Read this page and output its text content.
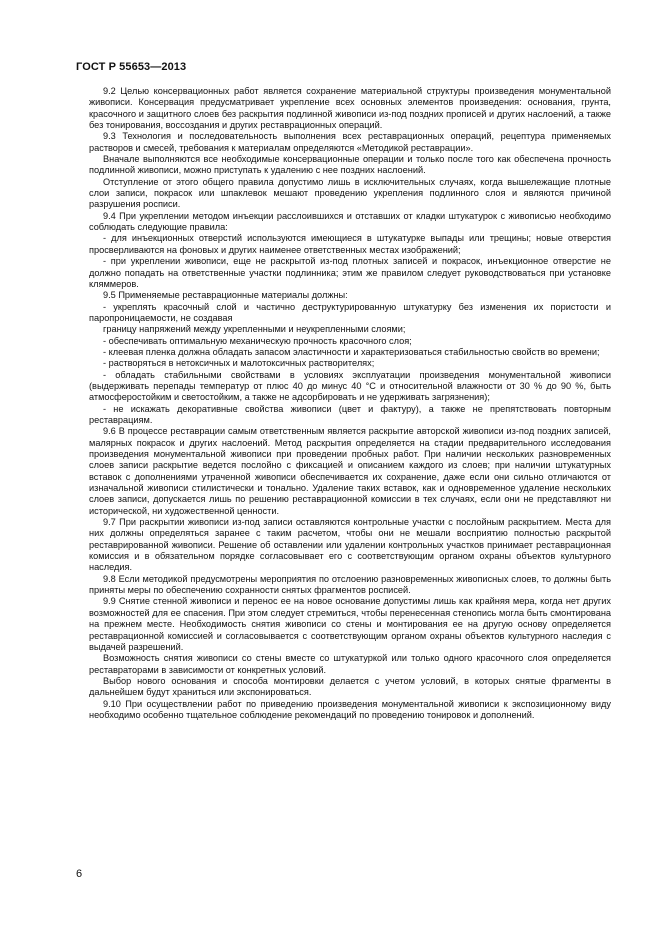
ГОСТ Р 55653—2013

9.2 Целью консервационных работ является сохранение материальной структуры произведения монументальной живописи. Консервация предусматривает укрепление всех основных элементов произведения: основания, грунта, красочного и защитного слоев без раскрытия подлинной живописи из-под поздних прописей и других наслоений, а также без тонирования, воссоздания и других реставрационных операций.

9.3 Технология и последовательность выполнения всех реставрационных операций, рецептура применяемых растворов и смесей, требования к материалам определяются «Методикой реставрации».

Вначале выполняются все необходимые консервационные операции и только после того как обеспечена прочность подлинной живописи, можно приступать к удалению с нее поздних наслоений.

Отступление от этого общего правила допустимо лишь в исключительных случаях, когда вышележащие плотные слои записи, покрасок или шпаклевок мешают проведению укрепления подлинного слоя и являются причиной разрушения росписи.

9.4 При укреплении методом инъекции расслоившихся и отставших от кладки штукатурок с живописью необходимо соблюдать следующие правила:

- для инъекционных отверстий используются имеющиеся в штукатурке выпады или трещины; новые отверстия просверливаются на фоновых и других наименее ответственных местах изображений;

- при укреплении живописи, еще не раскрытой из-под плотных записей и покрасок, инъекционное отверстие не должно попадать на ответственные участки подлинника; этим же правилом следует руководствоваться при установке кляммеров.

9.5 Применяемые реставрационные материалы должны:

- укреплять красочный слой и частично деструктурированную штукатурку без изменения их пористости и паропроницаемости, не создавая

границу напряжений между укрепленными и неукрепленными слоями;

- обеспечивать оптимальную механическую прочность красочного слоя;

- клеевая пленка должна обладать запасом эластичности и характеризоваться стабильностью свойств во времени;

- растворяться в нетоксичных и малотоксичных растворителях;

- обладать стабильными свойствами в условиях эксплуатации произведения монументальной живописи (выдерживать перепады температур от плюс 40 до минус 40 °С и относительной влажности от 30 % до 90 %, быть атмосферостойким и светостойким, а также не адсорбировать и не удерживать загрязнения);

- не искажать декоративные свойства живописи (цвет и фактуру), а также не препятствовать повторным реставрациям.

9.6 В процессе реставрации самым ответственным является раскрытие авторской живописи из-под поздних записей, малярных покрасок и других наслоений. Метод раскрытия определяется на стадии предварительного исследования произведения монументальной живописи при проведении пробных работ. При наличии нескольких разновременных слоев записи раскрытие ведется послойно с фиксацией и описанием каждого из слоев; при наличии штукатурных вставок с дополнениями утраченной живописи обеспечивается их сохранение, даже если они сильно отличаются от изначальной живописи стилистически и тонально. Удаление таких вставок, как и одновременное удаление нескольких слоев записи, допускается лишь по решению реставрационной комиссии в тех случаях, если они не представляют ни исторической, ни художественной ценности.

9.7 При раскрытии живописи из-под записи оставляются контрольные участки с послойным раскрытием. Места для них должны определяться заранее с таким расчетом, чтобы они не мешали восприятию полностью раскрытой реставрированной живописи. Решение об оставлении или удалении контрольных участков принимает реставрационная комиссия и в обязательном порядке согласовывает его с соответствующим органом охраны объектов культурного наследия.

9.8 Если методикой предусмотрены мероприятия по отслоению разновременных живописных слоев, то должны быть приняты меры по обеспечению сохранности снятых фрагментов росписей.

9.9 Снятие стенной живописи и перенос ее на новое основание допустимы лишь как крайняя мера, когда нет других возможностей для ее спасения. При этом следует стремиться, чтобы перенесенная стенопись могла быть смонтирована на прежнем месте. Необходимость снятия живописи со стены и монтирования ее на другую основу определяется реставрационной комиссией и согласовывается с соответствующим органом охраны объектов культурного наследия с выдачей разрешений.

Возможность снятия живописи со стены вместе со штукатуркой или только одного красочного слоя определяется реставраторами в зависимости от конкретных условий.

Выбор нового основания и способа монтировки делается с учетом условий, в которых снятые фрагменты в дальнейшем будут храниться или экспонироваться.

9.10 При осуществлении работ по приведению произведения монументальной живописи к экспозиционному виду необходимо особенно тщательное соблюдение рекомендаций по проведению тонировок и дополнений.

6
